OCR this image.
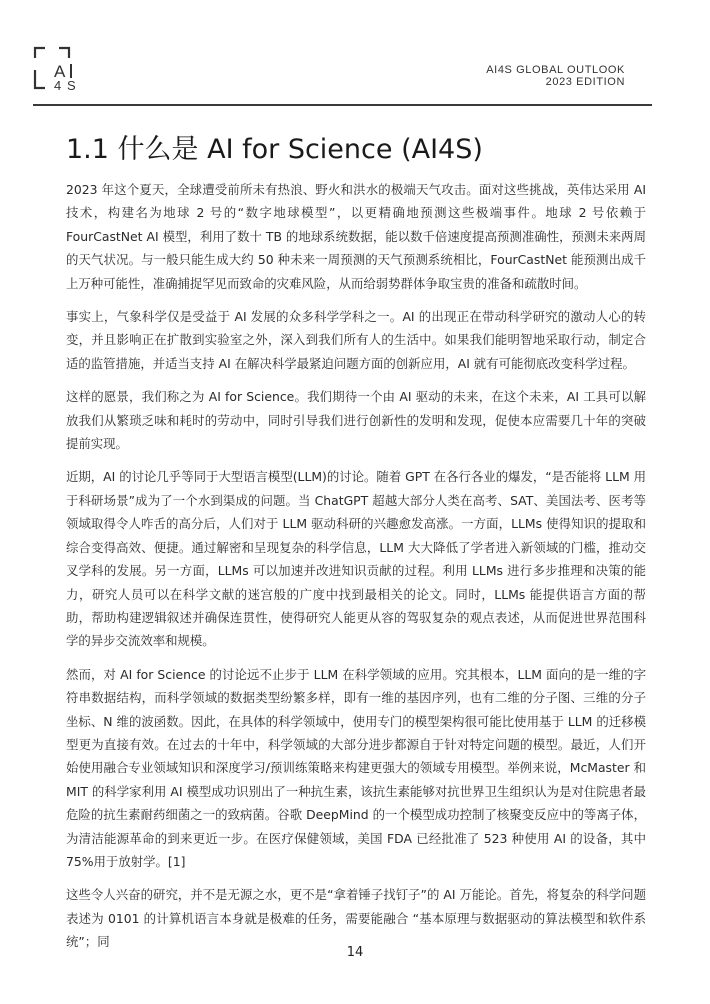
A
4 S
AI4S GLOBAL OUTLOOK
2023 EDITION
1.1 什么是 AI for Science (AI4S)

2023 年这个夏天，全球遭受前所未有热浪、野火和洪水的极端天气攻击。面对这些挑战，英伟达采用 AI 技术，构建名为地球 2 号的“数字地球模型”，以更精确地预测这些极端事件。地球 2 号依赖于 FourCastNet AI 模型，利用了数十 TB 的地球系统数据，能以数千倍速度提高预测准确性，预测未来两周的天气状况。与一般只能生成大约 50 种未来一周预测的天气预测系统相比，FourCastNet 能预测出成千上万种可能性，准确捕捉罕见而致命的灾难风险，从而给弱势群体争取宝贵的准备和疏散时间。

事实上，气象科学仅是受益于 AI 发展的众多科学学科之一。AI 的出现正在带动科学研究的激动人心的转变，并且影响正在扩散到实验室之外，深入到我们所有人的生活中。如果我们能明智地采取行动，制定合适的监管措施，并适当支持 AI 在解决科学最紧迫问题方面的创新应用，AI 就有可能彻底改变科学过程。

这样的愿景，我们称之为 AI for Science。我们期待一个由 AI 驱动的未来，在这个未来，AI 工具可以解放我们从繁琐乏味和耗时的劳动中，同时引导我们进行创新性的发明和发现，促使本应需要几十年的突破提前实现。

近期，AI 的讨论几乎等同于大型语言模型(LLM)的讨论。随着 GPT 在各行各业的爆发，“是否能将 LLM 用于科研场景”成为了一个水到渠成的问题。当 ChatGPT 超越大部分人类在高考、SAT、美国法考、医考等领域取得令人咋舌的高分后，人们对于 LLM 驱动科研的兴趣愈发高涨。一方面，LLMs 使得知识的提取和综合变得高效、便捷。通过解密和呈现复杂的科学信息，LLM 大大降低了学者进入新领域的门槛，推动交叉学科的发展。另一方面，LLMs 可以加速并改进知识贡献的过程。利用 LLMs 进行多步推理和决策的能力，研究人员可以在科学文献的迷宫般的广度中找到最相关的论文。同时，LLMs 能提供语言方面的帮助，帮助构建逻辑叙述并确保连贯性，使得研究人能更从容的驾驭复杂的观点表述，从而促进世界范围科学的异步交流效率和规模。

然而，对 AI for Science 的讨论远不止步于 LLM 在科学领域的应用。究其根本，LLM 面向的是一维的字符串数据结构，而科学领域的数据类型纷繁多样，即有一维的基因序列，也有二维的分子图、三维的分子坐标、N 维的波函数。因此，在具体的科学领域中，使用专门的模型架构很可能比使用基于 LLM 的迁移模型更为直接有效。在过去的十年中，科学领域的大部分进步都源自于针对特定问题的模型。最近，人们开始使用融合专业领域知识和深度学习/预训练策略来构建更强大的领域专用模型。举例来说，McMaster 和 MIT 的科学家利用 AI 模型成功识别出了一种抗生素，该抗生素能够对抗世界卫生组织认为是对住院患者最危险的抗生素耐药细菌之一的致病菌。谷歌 DeepMind 的一个模型成功控制了核聚变反应中的等离子体，为清洁能源革命的到来更近一步。在医疗保健领域，美国 FDA 已经批准了 523 种使用 AI 的设备，其中 75%用于放射学。[1]

这些令人兴奋的研究，并不是无源之水，更不是“拿着锤子找钉子”的 AI 万能论。首先，将复杂的科学问题表述为 0101 的计算机语言本身就是极难的任务，需要能融合 “基本原理与数据驱动的算法模型和软件系统”；同

14
